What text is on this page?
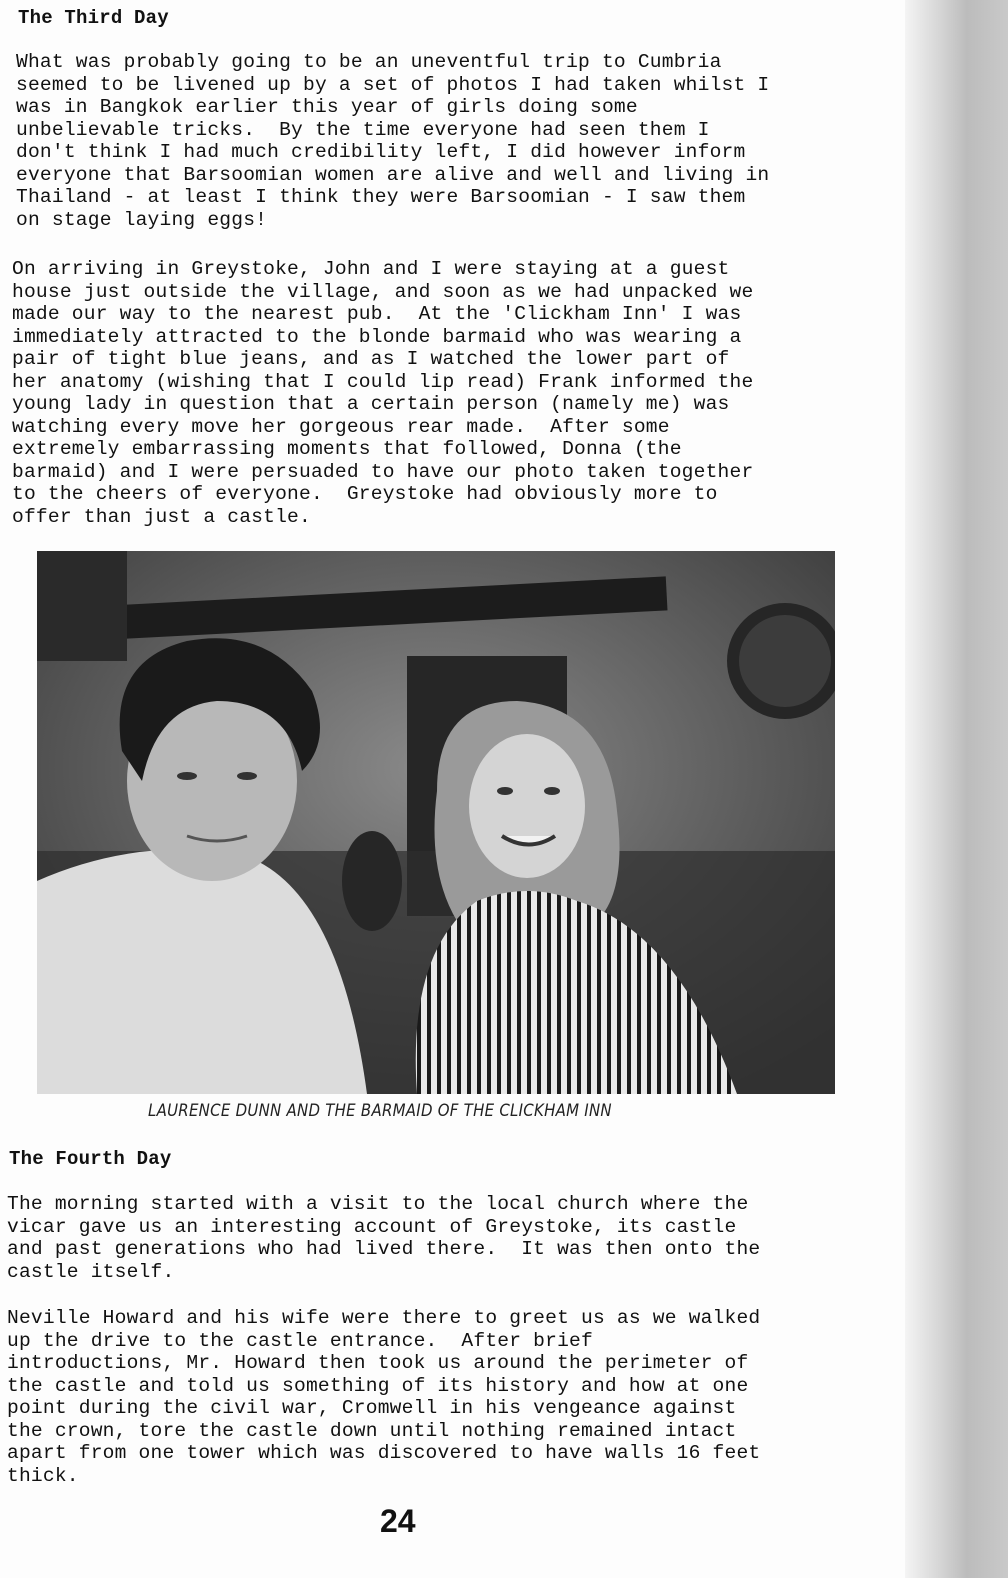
The Third Day
What was probably going to be an uneventful trip to Cumbria
seemed to be livened up by a set of photos I had taken whilst I
was in Bangkok earlier this year of girls doing some
unbelievable tricks.  By the time everyone had seen them I
don't think I had much credibility left, I did however inform
everyone that Barsoomian women are alive and well and living in
Thailand - at least I think they were Barsoomian - I saw them
on stage laying eggs!
On arriving in Greystoke, John and I were staying at a guest
house just outside the village, and soon as we had unpacked we
made our way to the nearest pub.  At the 'Clickham Inn' I was
immediately attracted to the blonde barmaid who was wearing a
pair of tight blue jeans, and as I watched the lower part of
her anatomy (wishing that I could lip read) Frank informed the
young lady in question that a certain person (namely me) was
watching every move her gorgeous rear made.  After some
extremely embarrassing moments that followed, Donna (the
barmaid) and I were persuaded to have our photo taken together
to the cheers of everyone.  Greystoke had obviously more to
offer than just a castle.
LAURENCE DUNN AND THE BARMAID OF THE CLICKHAM INN
The Fourth Day
The morning started with a visit to the local church where the
vicar gave us an interesting account of Greystoke, its castle
and past generations who had lived there.  It was then onto the
castle itself.
Neville Howard and his wife were there to greet us as we walked
up the drive to the castle entrance.  After brief
introductions, Mr. Howard then took us around the perimeter of
the castle and told us something of its history and how at one
point during the civil war, Cromwell in his vengeance against
the crown, tore the castle down until nothing remained intact
apart from one tower which was discovered to have walls 16 feet
thick.
24
